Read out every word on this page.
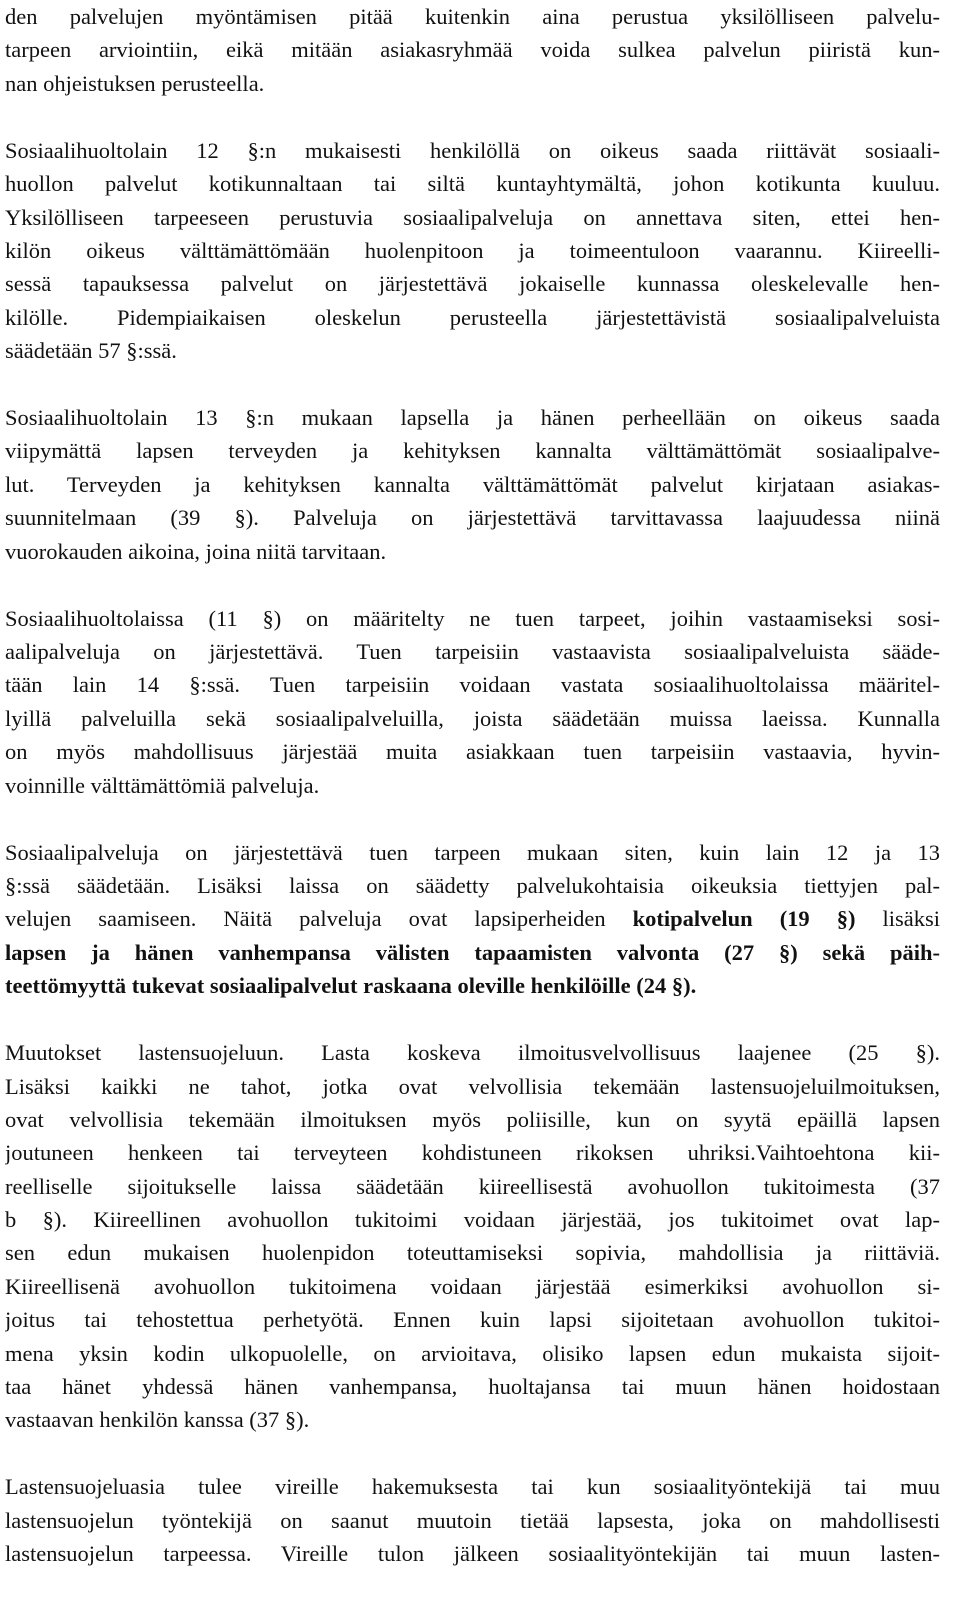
den palvelujen myöntämisen pitää kuitenkin aina perustua yksilölliseen palvelu-
tarpeen arviointiin, eikä mitään asiakasryhmää voida sulkea palvelun piiristä kun-
nan ohjeistuksen perusteella.
Sosiaalihuoltolain 12 §:n mukaisesti henkilöllä on oikeus saada riittävät sosiaali-
huollon palvelut kotikunnaltaan tai siltä kuntayhtymältä, johon kotikunta kuuluu.
Yksilölliseen tarpeeseen perustuvia sosiaalipalveluja on annettava siten, ettei hen-
kilön oikeus välttämättömään huolenpitoon ja toimeentuloon vaarannu. Kiireelli-
sessä tapauksessa palvelut on järjestettävä jokaiselle kunnassa oleskelevalle hen-
kilölle. Pidempiaikaisen oleskelun perusteella järjestettävistä sosiaalipalveluista
säädetään 57 §:ssä.
Sosiaalihuoltolain 13 §:n mukaan lapsella ja hänen perheellään on oikeus saada
viipymättä lapsen terveyden ja kehityksen kannalta välttämättömät sosiaalipalve-
lut. Terveyden ja kehityksen kannalta välttämättömät palvelut kirjataan asiakas-
suunnitelmaan (39 §). Palveluja on järjestettävä tarvittavassa laajuudessa niinä
vuorokauden aikoina, joina niitä tarvitaan.
Sosiaalihuoltolaissa (11 §) on määritelty ne tuen tarpeet, joihin vastaamiseksi sosi-
aalipalveluja on järjestettävä. Tuen tarpeisiin vastaavista sosiaalipalveluista sääde-
tään lain 14 §:ssä. Tuen tarpeisiin voidaan vastata sosiaalihuoltolaissa määritel-
lyillä palveluilla sekä sosiaalipalveluilla, joista säädetään muissa laeissa. Kunnalla
on myös mahdollisuus järjestää muita asiakkaan tuen tarpeisiin vastaavia, hyvin-
voinnille välttämättömiä palveluja.
Sosiaalipalveluja on järjestettävä tuen tarpeen mukaan siten, kuin lain 12 ja 13
§:ssä säädetään. Lisäksi laissa on säädetty palvelukohtaisia oikeuksia tiettyjen pal-
velujen saamiseen. Näitä palveluja ovat lapsiperheiden kotipalvelun (19 §) lisäksi
lapsen ja hänen vanhempansa välisten tapaamisten valvonta (27 §) sekä päih-
teettömyyttä tukevat sosiaalipalvelut raskaana oleville henkilöille (24 §).
Muutokset lastensuojeluun. Lasta koskeva ilmoitusvelvollisuus laajenee (25 §).
Lisäksi kaikki ne tahot, jotka ovat velvollisia tekemään lastensuojeluilmoituksen,
ovat velvollisia tekemään ilmoituksen myös poliisille, kun on syytä epäillä lapsen
joutuneen henkeen tai terveyteen kohdistuneen rikoksen uhriksi.Vaihtoehtona kii-
reelliselle sijoitukselle laissa säädetään kiireellisestä avohuollon tukitoimesta (37
b §). Kiireellinen avohuollon tukitoimi voidaan järjestää, jos tukitoimet ovat lap-
sen edun mukaisen huolenpidon toteuttamiseksi sopivia, mahdollisia ja riittäviä.
Kiireellisenä avohuollon tukitoimena voidaan järjestää esimerkiksi avohuollon si-
joitus tai tehostettua perhetyötä. Ennen kuin lapsi sijoitetaan avohuollon tukitoi-
mena yksin kodin ulkopuolelle, on arvioitava, olisiko lapsen edun mukaista sijoit-
taa hänet yhdessä hänen vanhempansa, huoltajansa tai muun hänen hoidostaan
vastaavan henkilön kanssa (37 §).
Lastensuojeluasia tulee vireille hakemuksesta tai kun sosiaalityöntekijä tai muu
lastensuojelun työntekijä on saanut muutoin tietää lapsesta, joka on mahdollisesti
lastensuojelun tarpeessa. Vireille tulon jälkeen sosiaalityöntekijän tai muun lasten-
